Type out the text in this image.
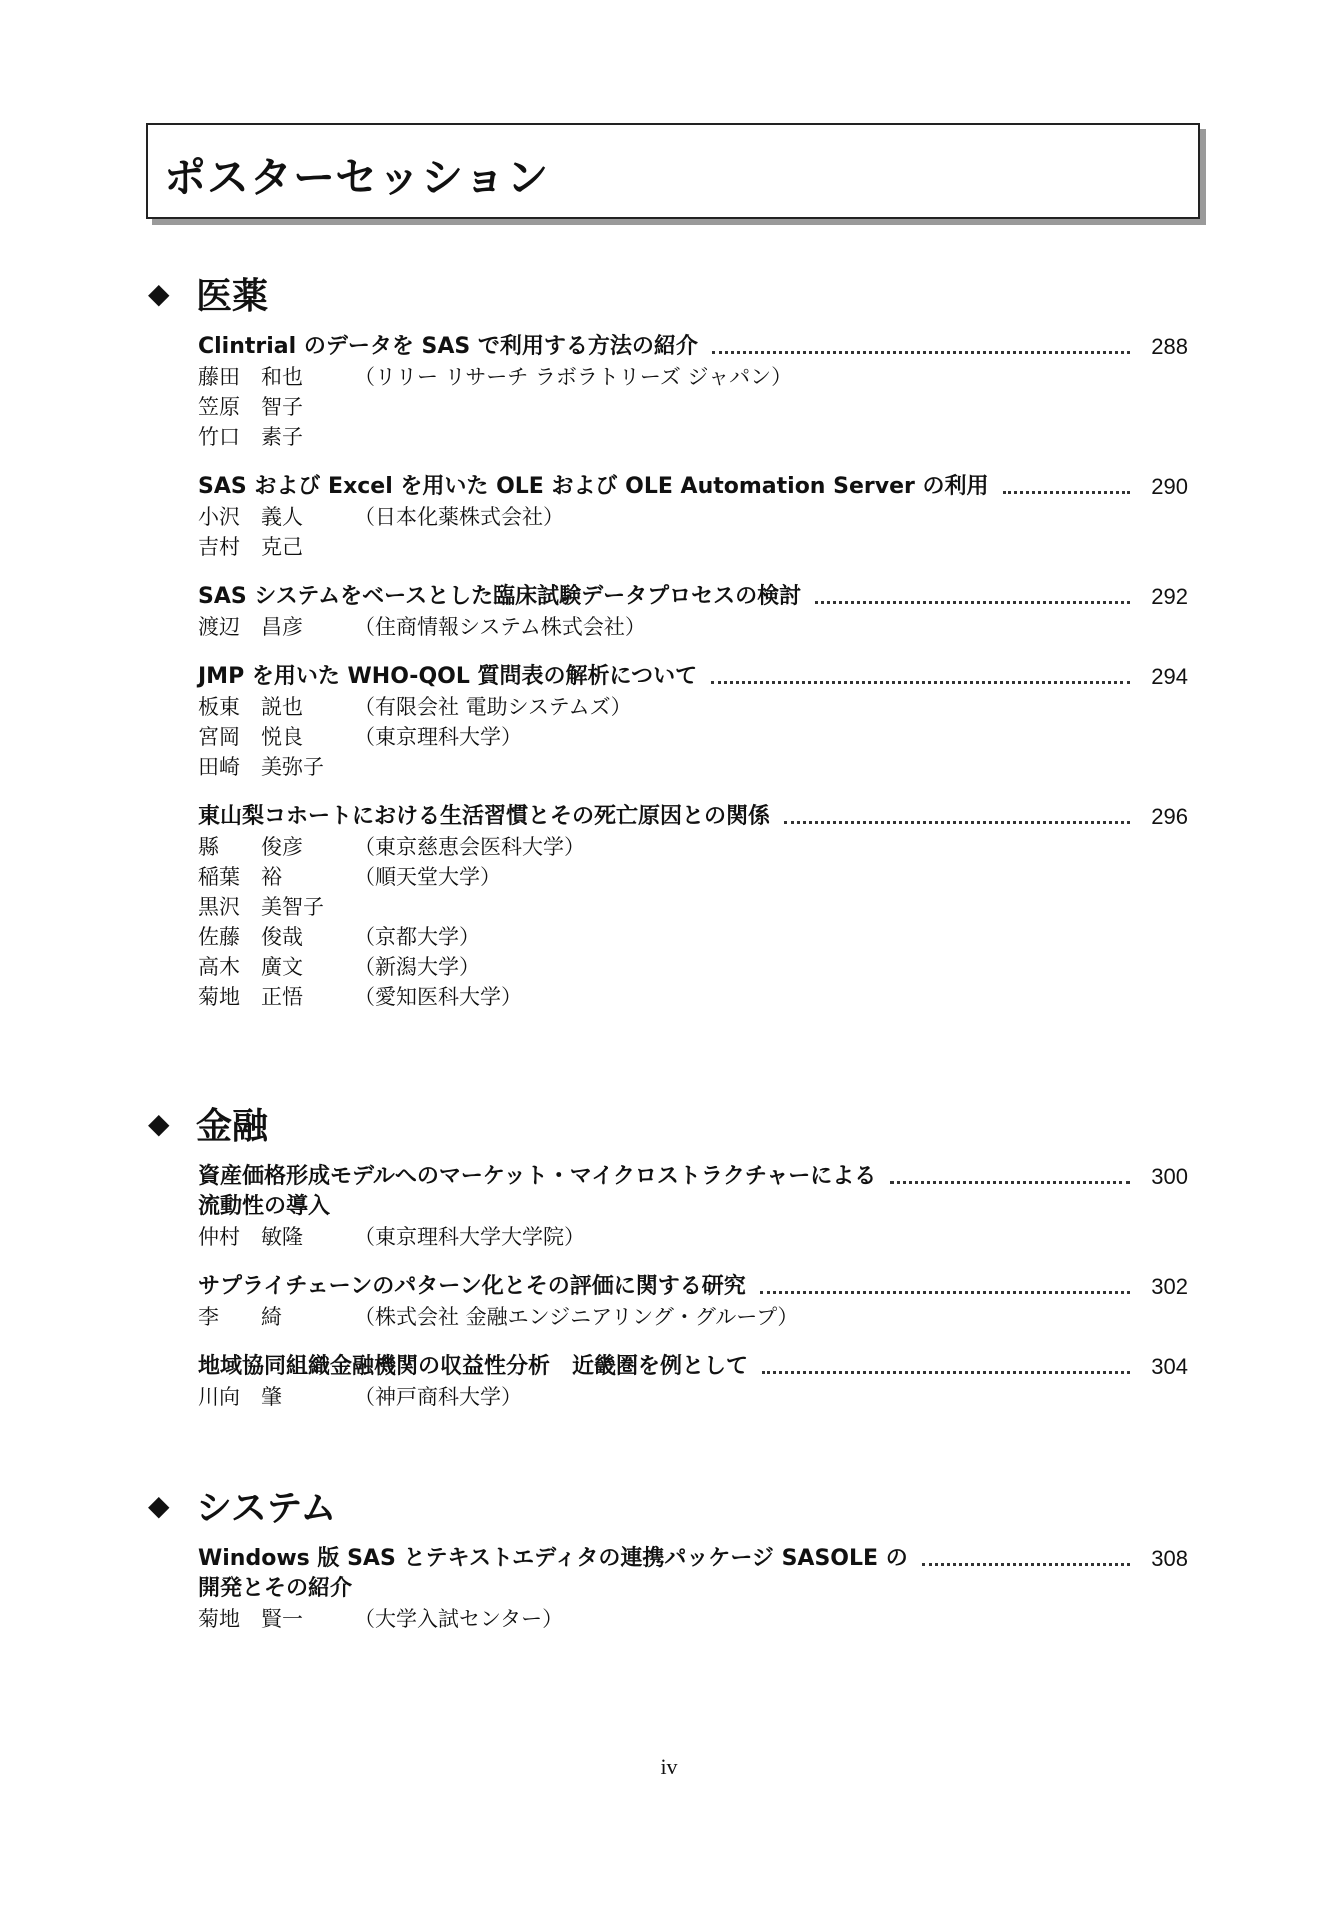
ポスターセッション
◆ 医薬
Clintrial のデータを SAS で利用する方法の紹介	288
藤田　和也	（リリー リサーチ ラボラトリーズ ジャパン）
笠原　智子
竹口　素子
SAS および Excel を用いた OLE および OLE Automation Server の利用	290
小沢　義人	（日本化薬株式会社）
吉村　克己
SAS システムをベースとした臨床試験データプロセスの検討	292
渡辺　昌彦	（住商情報システム株式会社）
JMP を用いた WHO-QOL 質問表の解析について	294
板東　説也	（有限会社 電助システムズ）
宮岡　悦良	（東京理科大学）
田崎　美弥子
東山梨コホートにおける生活習慣とその死亡原因との関係	296
縣　　俊彦	（東京慈恵会医科大学）
稲葉　裕	（順天堂大学）
黒沢　美智子
佐藤　俊哉	（京都大学）
高木　廣文	（新潟大学）
菊地　正悟	（愛知医科大学）
◆ 金融
資産価格形成モデルへのマーケット・マイクロストラクチャーによる	300
流動性の導入
仲村　敏隆	（東京理科大学大学院）
サプライチェーンのパターン化とその評価に関する研究	302
李　　綺	（株式会社 金融エンジニアリング・グループ）
地域協同組織金融機関の収益性分析　近畿圏を例として	304
川向　肇	（神戸商科大学）
◆ システム
Windows 版 SAS とテキストエディタの連携パッケージ SASOLE の	308
開発とその紹介
菊地　賢一	（大学入試センター）
iv
